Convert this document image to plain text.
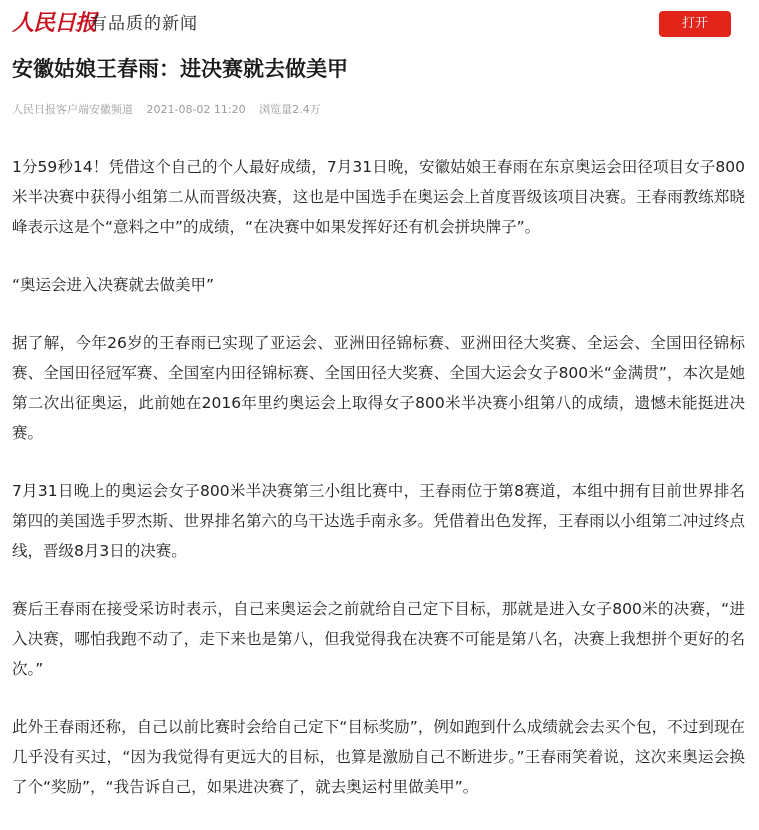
人民日报
有品质的新闻	打开
安徽姑娘王春雨：进决赛就去做美甲
人民日报客户端安徽频道 2021-08-02 11:20 浏览量2.4万

1分59秒14！凭借这个自己的个人最好成绩，7月31日晚，安徽姑娘王春雨在东京奥运会田径项目女子800米半决赛中获得小组第二从而晋级决赛，这也是中国选手在奥运会上首度晋级该项目决赛。王春雨教练郑晓峰表示这是个“意料之中”的成绩，“在决赛中如果发挥好还有机会拼块牌子”。

“奥运会进入决赛就去做美甲”

据了解，今年26岁的王春雨已实现了亚运会、亚洲田径锦标赛、亚洲田径大奖赛、全运会、全国田径锦标赛、全国田径冠军赛、全国室内田径锦标赛、全国田径大奖赛、全国大运会女子800米“金满贯”，本次是她第二次出征奥运，此前她在2016年里约奥运会上取得女子800米半决赛小组第八的成绩，遗憾未能挺进决赛。

7月31日晚上的奥运会女子800米半决赛第三小组比赛中，王春雨位于第8赛道，本组中拥有目前世界排名第四的美国选手罗杰斯、世界排名第六的乌干达选手南永多。凭借着出色发挥，王春雨以小组第二冲过终点线，晋级8月3日的决赛。

赛后王春雨在接受采访时表示，自己来奥运会之前就给自己定下目标，那就是进入女子800米的决赛，“进入决赛，哪怕我跑不动了，走下来也是第八，但我觉得我在决赛不可能是第八名，决赛上我想拼个更好的名次。”

此外王春雨还称，自己以前比赛时会给自己定下“目标奖励”，例如跑到什么成绩就会去买个包，不过到现在几乎没有买过，“因为我觉得有更远大的目标，也算是激励自己不断进步。”王春雨笑着说，这次来奥运会换了个“奖励”，“我告诉自己，如果进决赛了，就去奥运村里做美甲”。
